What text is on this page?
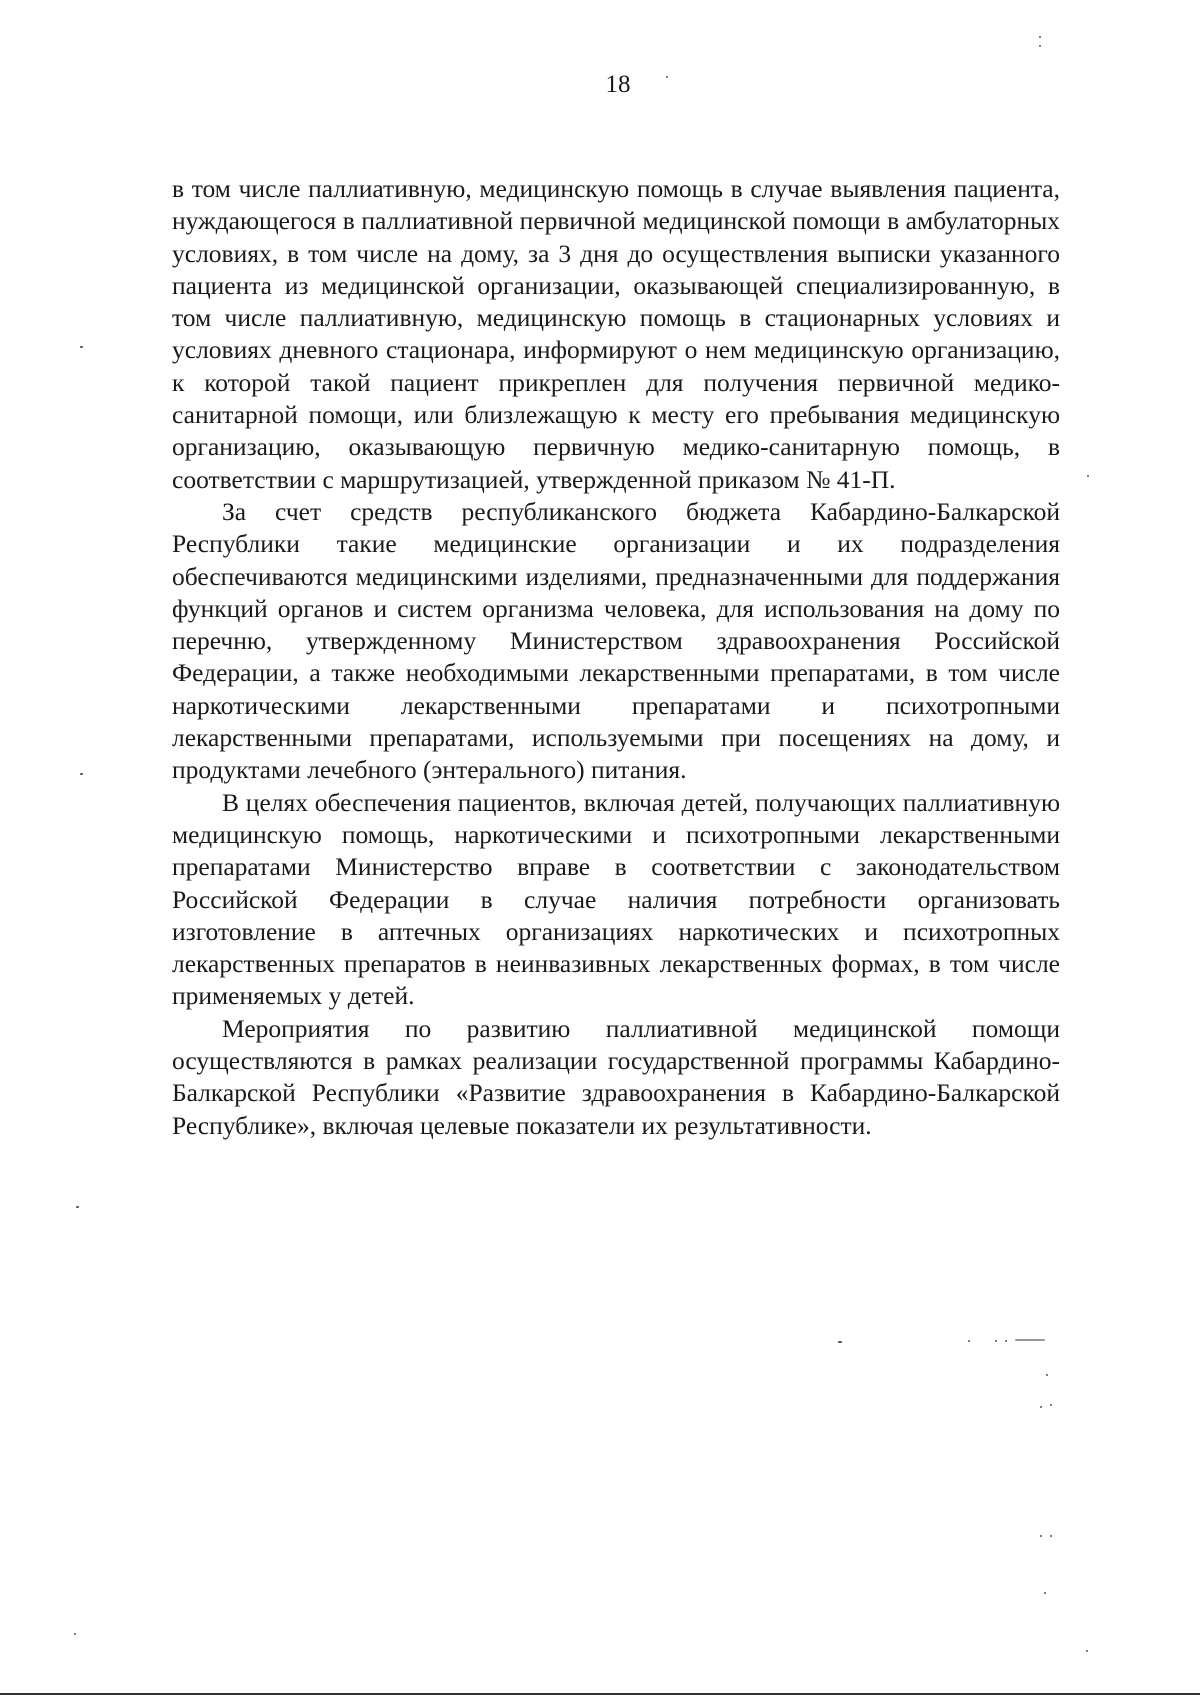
18

в том числе паллиативную, медицинскую помощь в случае выявления пациента, нуждающегося в паллиативной первичной медицинской помощи в амбулаторных условиях, в том числе на дому, за 3 дня до осуществления выписки указанного пациента из медицинской организации, оказывающей специализированную, в том числе паллиативную, медицинскую помощь в стационарных условиях и условиях дневного стационара, информируют о нем медицинскую организацию, к которой такой пациент прикреплен для получения первичной медико-санитарной помощи, или близлежащую к месту его пребывания медицинскую организацию, оказывающую первичную медико-санитарную помощь, в соответствии с маршрутизацией, утвержденной приказом № 41-П.

За счет средств республиканского бюджета Кабардино-Балкарской Республики такие медицинские организации и их подразделения обеспечиваются медицинскими изделиями, предназначенными для поддержания функций органов и систем организма человека, для использования на дому по перечню, утвержденному Министерством здравоохранения Российской Федерации, а также необходимыми лекарственными препаратами, в том числе наркотическими лекарственными препаратами и психотропными лекарственными препаратами, используемыми при посещениях на дому, и продуктами лечебного (энтерального) питания.

В целях обеспечения пациентов, включая детей, получающих паллиативную медицинскую помощь, наркотическими и психотропными лекарственными препаратами Министерство вправе в соответствии с законодательством Российской Федерации в случае наличия потребности организовать изготовление в аптечных организациях наркотических и психотропных лекарственных препаратов в неинвазивных лекарственных формах, в том числе применяемых у детей.

Мероприятия по развитию паллиативной медицинской помощи осуществляются в рамках реализации государственной программы Кабардино-Балкарской Республики «Развитие здравоохранения в Кабардино-Балкарской Республике», включая целевые показатели их результативности.
